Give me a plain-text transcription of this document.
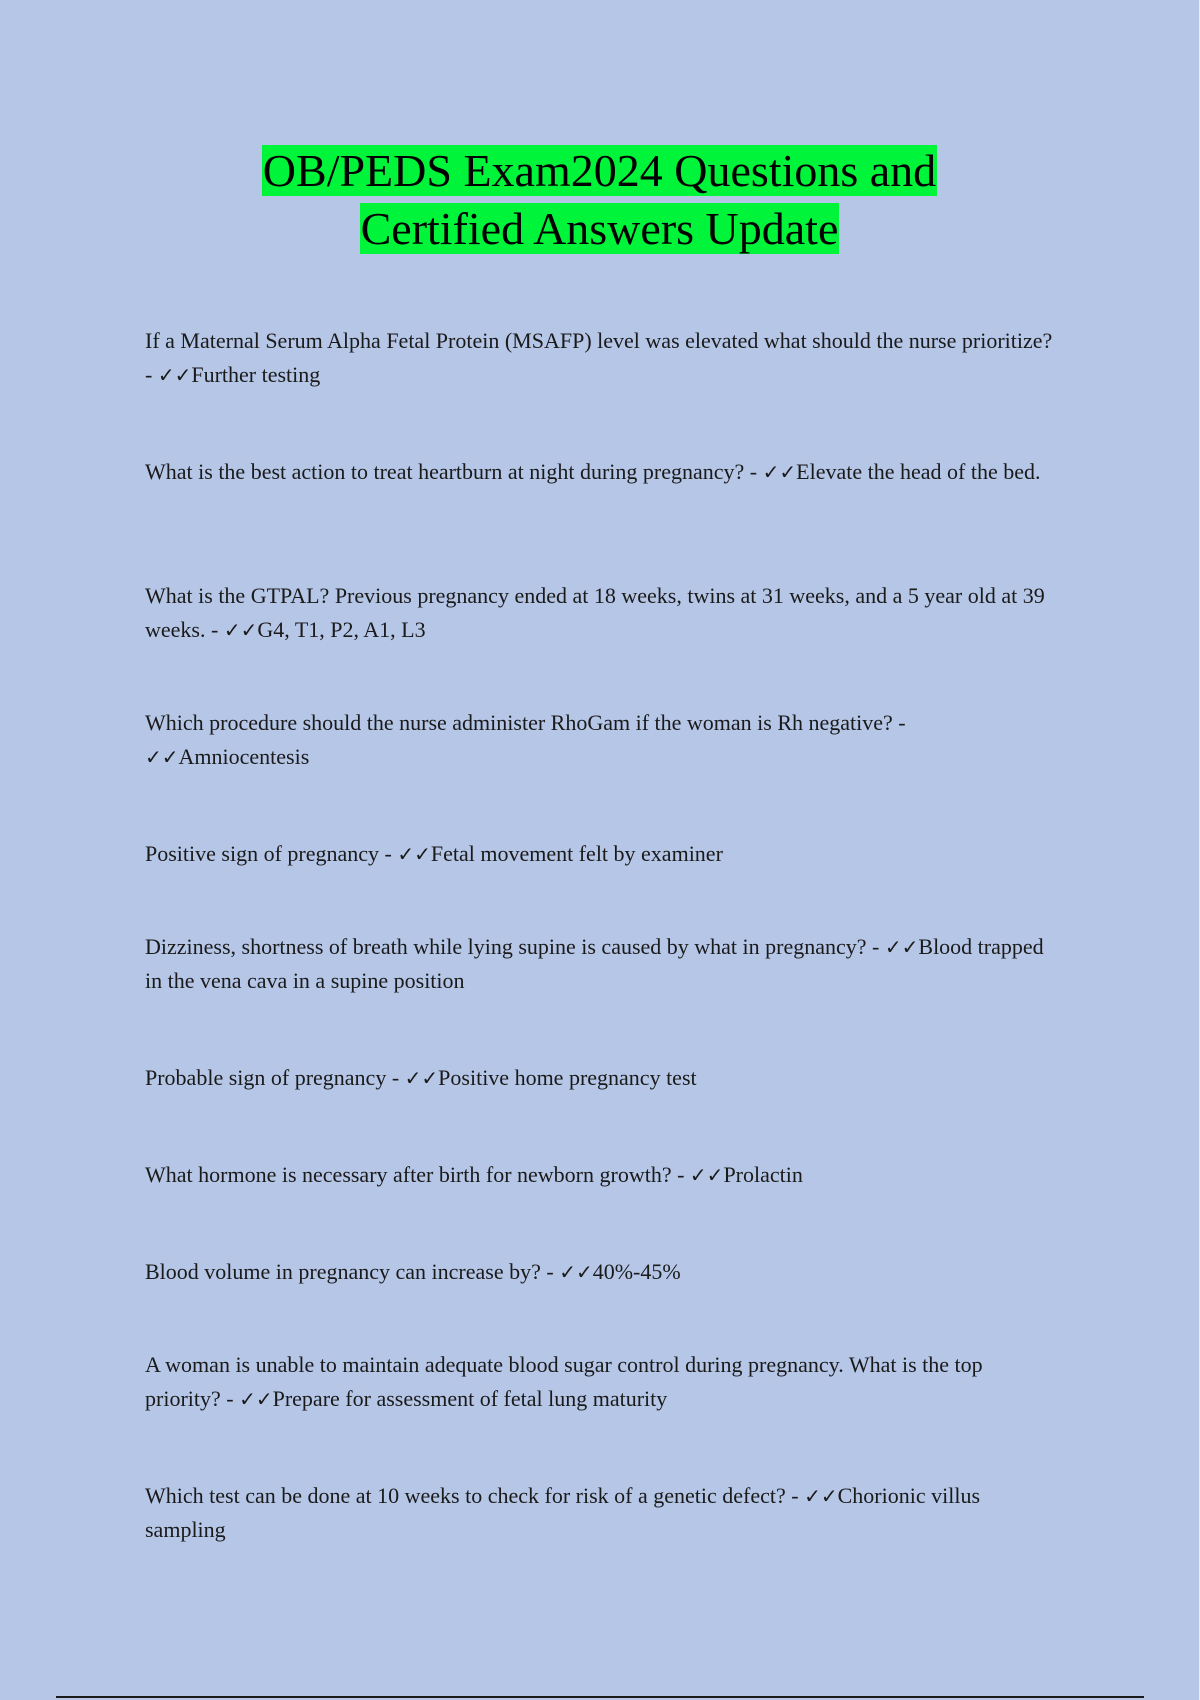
OB/PEDS Exam2024 Questions and
Certified Answers Update

If a Maternal Serum Alpha Fetal Protein (MSAFP) level was elevated what should the nurse prioritize? - ✓✓Further testing

What is the best action to treat heartburn at night during pregnancy? - ✓✓Elevate the head of the bed.

What is the GTPAL? Previous pregnancy ended at 18 weeks, twins at 31 weeks, and a 5 year old at 39 weeks. - ✓✓G4, T1, P2, A1, L3

Which procedure should the nurse administer RhoGam if the woman is Rh negative? - ✓✓Amniocentesis

Positive sign of pregnancy - ✓✓Fetal movement felt by examiner

Dizziness, shortness of breath while lying supine is caused by what in pregnancy? - ✓✓Blood trapped in the vena cava in a supine position

Probable sign of pregnancy - ✓✓Positive home pregnancy test

What hormone is necessary after birth for newborn growth? - ✓✓Prolactin

Blood volume in pregnancy can increase by? - ✓✓40%-45%

A woman is unable to maintain adequate blood sugar control during pregnancy. What is the top priority? - ✓✓Prepare for assessment of fetal lung maturity

Which test can be done at 10 weeks to check for risk of a genetic defect? - ✓✓Chorionic villus sampling
